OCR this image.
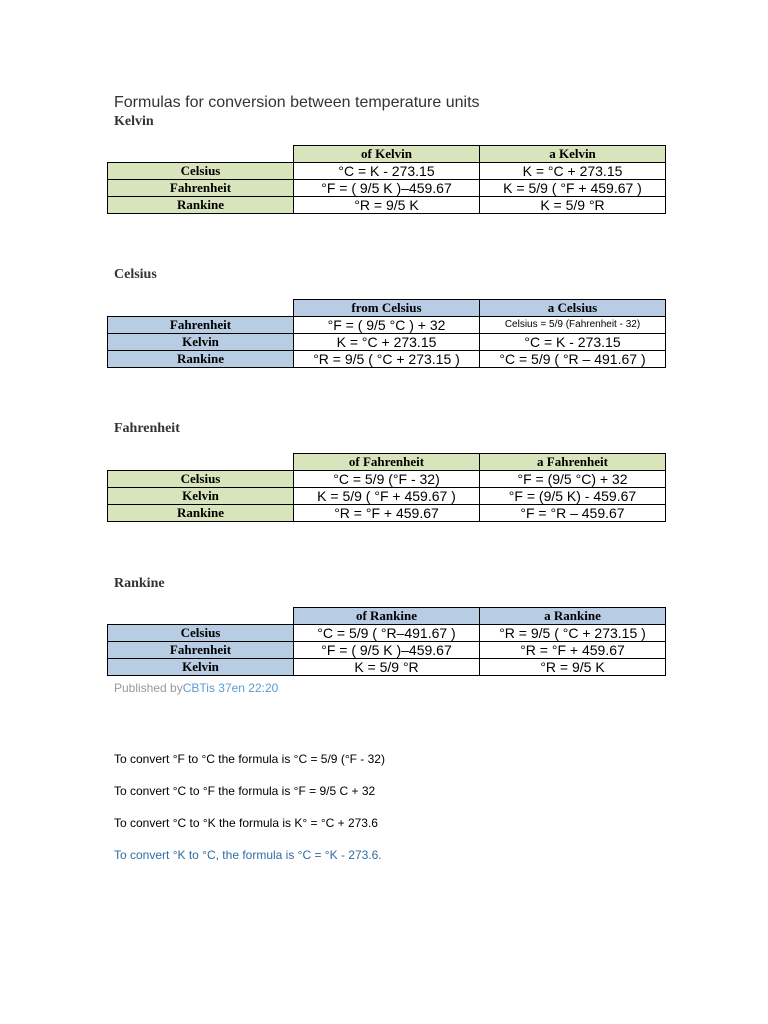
Formulas for conversion between temperature units
Kelvin
	of Kelvin	a Kelvin
Celsius	°C = K - 273.15	K = °C + 273.15
Fahrenheit	°F = ( 9/5 K )–459.67	K = 5/9 ( °F + 459.67 )
Rankine	°R = 9/5 K	K = 5/9 °R
Celsius
	from Celsius	a Celsius
Fahrenheit	°F = ( 9/5 °C ) + 32	Celsius = 5/9 (Fahrenheit - 32)
Kelvin	K = °C + 273.15	°C = K - 273.15
Rankine	°R = 9/5 ( °C + 273.15 )	°C = 5/9 ( °R – 491.67 )
Fahrenheit
	of Fahrenheit	a Fahrenheit
Celsius	°C = 5/9 (°F - 32)	°F = (9/5 °C) + 32
Kelvin	K = 5/9 ( °F + 459.67 )	°F = (9/5 K) - 459.67
Rankine	°R = °F + 459.67	°F = °R – 459.67
Rankine
	of Rankine	a Rankine
Celsius	°C = 5/9 ( °R–491.67 )	°R = 9/5 ( °C + 273.15 )
Fahrenheit	°F = ( 9/5 K )–459.67	°R = °F + 459.67
Kelvin	K = 5/9 °R	°R = 9/5 K
Published byCBTis 37en 22:20
To convert °F to °C the formula is °C = 5/9 (°F - 32)
To convert °C to °F the formula is °F = 9/5 C + 32
To convert °C to °K the formula is K° = °C + 273.6
To convert °K to °C, the formula is °C = °K - 273.6.
